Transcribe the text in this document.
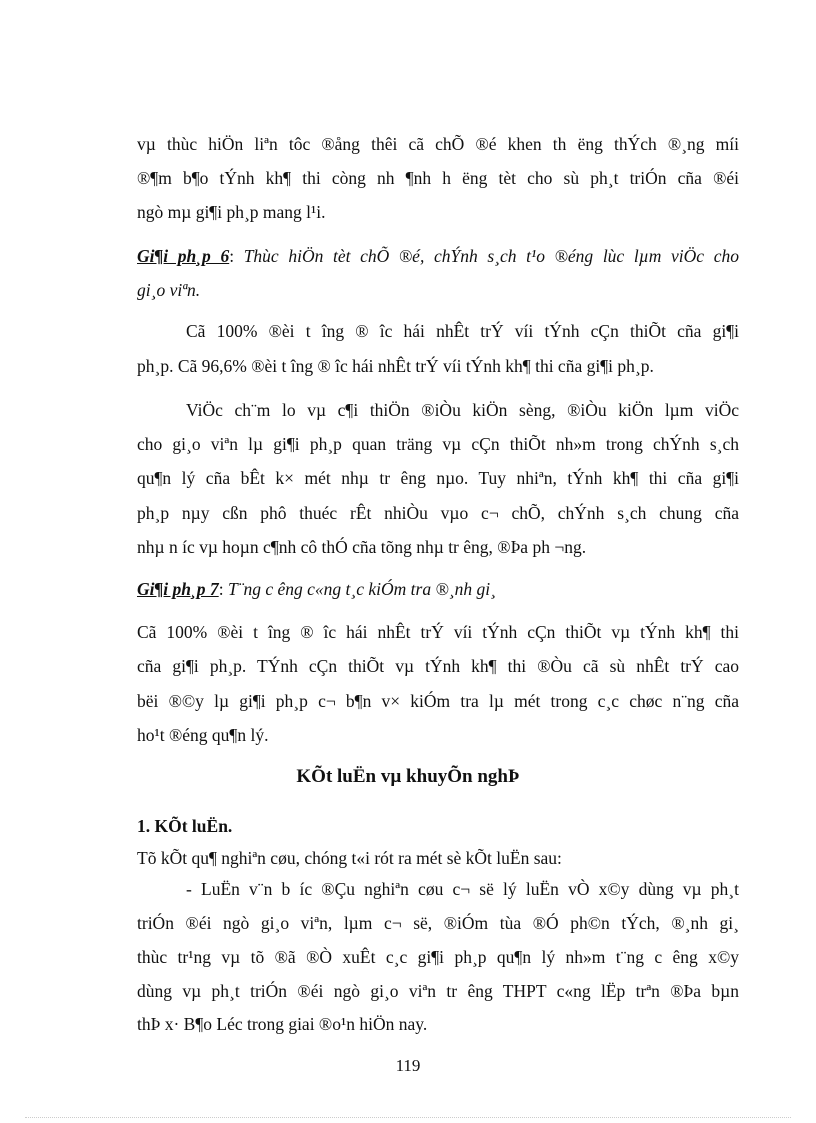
vµ thùc hiÖn liªn tôc ®ång thêi cã chÕ ®é khen th ëng thÝch ®¸ng míi
®¶m b¶o tÝnh kh¶ thi còng nh ¶nh h ëng tèt cho sù ph¸t triÓn cña ®éi
ngò mµ gi¶i ph¸p mang l¹i.
Gi¶i ph¸p 6: Thùc hiÖn tèt chÕ ®é, chÝnh s¸ch t¹o ®éng lùc lµm viÖc cho
gi¸o viªn.
Cã 100% ®èi t îng ® îc hái nhÊt trÝ víi tÝnh cÇn thiÕt cña gi¶i
ph¸p. Cã 96,6% ®èi t îng ® îc hái nhÊt trÝ víi tÝnh kh¶ thi cña gi¶i ph¸p.
ViÖc ch¨m lo vµ c¶i thiÖn ®iÒu kiÖn sèng, ®iÒu kiÖn lµm viÖc
cho gi¸o viªn lµ gi¶i ph¸p quan träng vµ cÇn thiÕt nh»m trong chÝnh s¸ch
qu¶n lý cña bÊt k× mét nhµ tr êng nµo. Tuy nhiªn, tÝnh kh¶ thi cña gi¶i
ph¸p nµy cßn phô thuéc rÊt nhiÒu vµo c¬ chÕ, chÝnh s¸ch chung cña
nhµ n íc vµ hoµn c¶nh cô thÓ cña tõng nhµ tr êng, ®Þa ph ¬ng.
Gi¶i ph¸p 7: T¨ng c êng c«ng t¸c kiÓm tra ®¸nh gi¸
Cã 100% ®èi t îng ® îc hái nhÊt trÝ víi tÝnh cÇn thiÕt vµ tÝnh kh¶ thi
cña gi¶i ph¸p. TÝnh cÇn thiÕt vµ tÝnh kh¶ thi ®Òu cã sù nhÊt trÝ cao
bëi ®©y lµ gi¶i ph¸p c¬ b¶n v× kiÓm tra lµ mét trong c¸c chøc n¨ng cña
ho¹t ®éng qu¶n lý.
KÕt luËn vµ khuyÕn nghÞ
1. KÕt luËn.
Tõ kÕt qu¶ nghiªn cøu, chóng t«i rót ra mét sè kÕt luËn sau:
- LuËn v¨n b íc ®Çu nghiªn cøu c¬ së lý luËn vÒ x©y dùng vµ ph¸t
triÓn ®éi ngò gi¸o viªn, lµm c¬ së, ®iÓm tùa ®Ó ph©n tÝch, ®¸nh gi¸
thùc tr¹ng vµ tõ ®ã ®Ò xuÊt c¸c gi¶i ph¸p qu¶n lý nh»m t¨ng c êng x©y
dùng vµ ph¸t triÓn ®éi ngò gi¸o viªn tr êng THPT c«ng lËp trªn ®Þa bµn
thÞ x· B¶o Léc trong giai ®o¹n hiÖn nay.
119
